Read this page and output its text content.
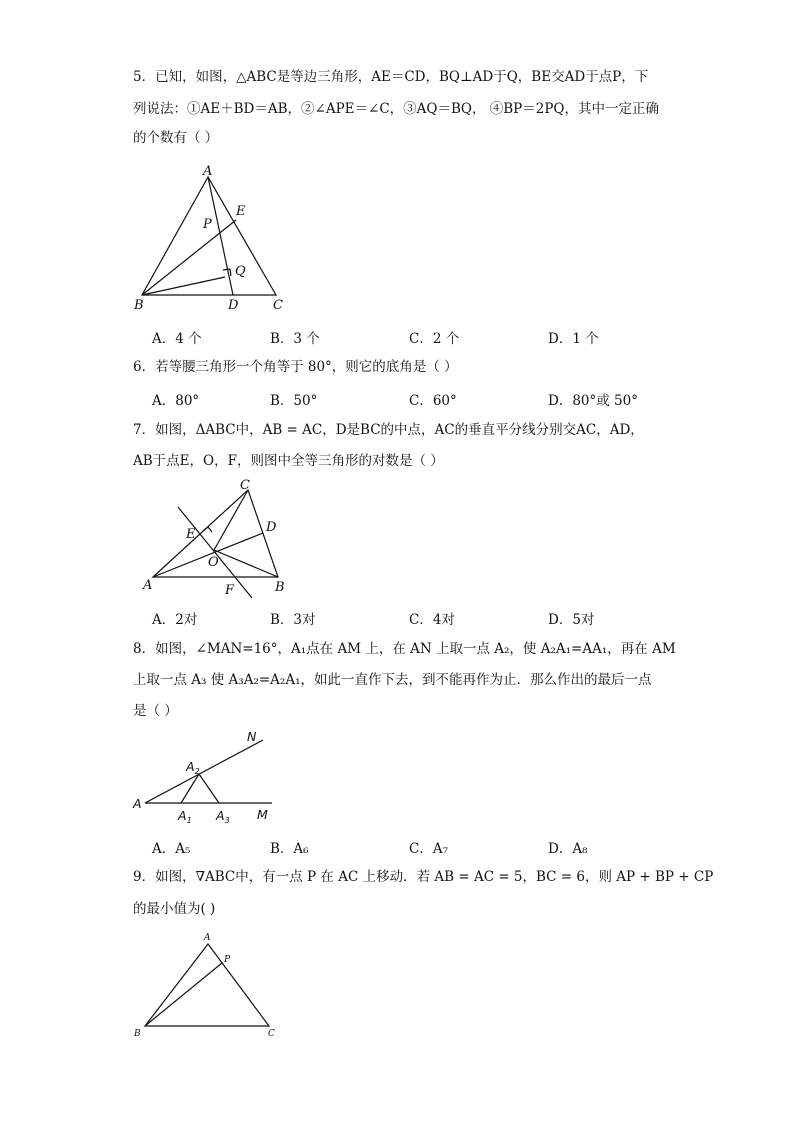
5．已知，如图，△ABC是等边三角形，AE＝CD，BQ⊥AD于Q，BE交AD于点P，下
列说法：①AE＋BD＝AB，②∠APE＝∠C，③AQ＝BQ， ④BP＝2PQ，其中一定正确
的个数有（ ）
A
E
P
Q
B	D	C
A．4 个	B．3 个	C．2 个	D．1 个
6．若等腰三角形一个角等于 80°，则它的底角是（ ）
A．80°	B．50°	C．60°	D．80°或 50°
7．如图，ΔABC中，AB = AC，D是BC的中点，AC的垂直平分线分别交AC，AD，
AB于点E，O，F，则图中全等三角形的对数是（ ）
C
D
E
O
A	F	B
A．2对	B．3对	C．4对	D．5对
8．如图，∠MAN=16°，A₁点在 AM 上，在 AN 上取一点 A₂，使 A₂A₁=AA₁，再在 AM
上取一点 A₃ 使 A₃A₂=A₂A₁，如此一直作下去，到不能再作为止．那么作出的最后一点
是（ ）
A
$A_2$
$A_1$ $A_3$ M
N
A．A₅	B．A₆	C．A₇	D．A₈
9．如图，∇ABC中，有一点 P 在 AC 上移动．若 AB = AC = 5，BC = 6，则 AP + BP + CP
的最小值为( )
A
P
B	C
